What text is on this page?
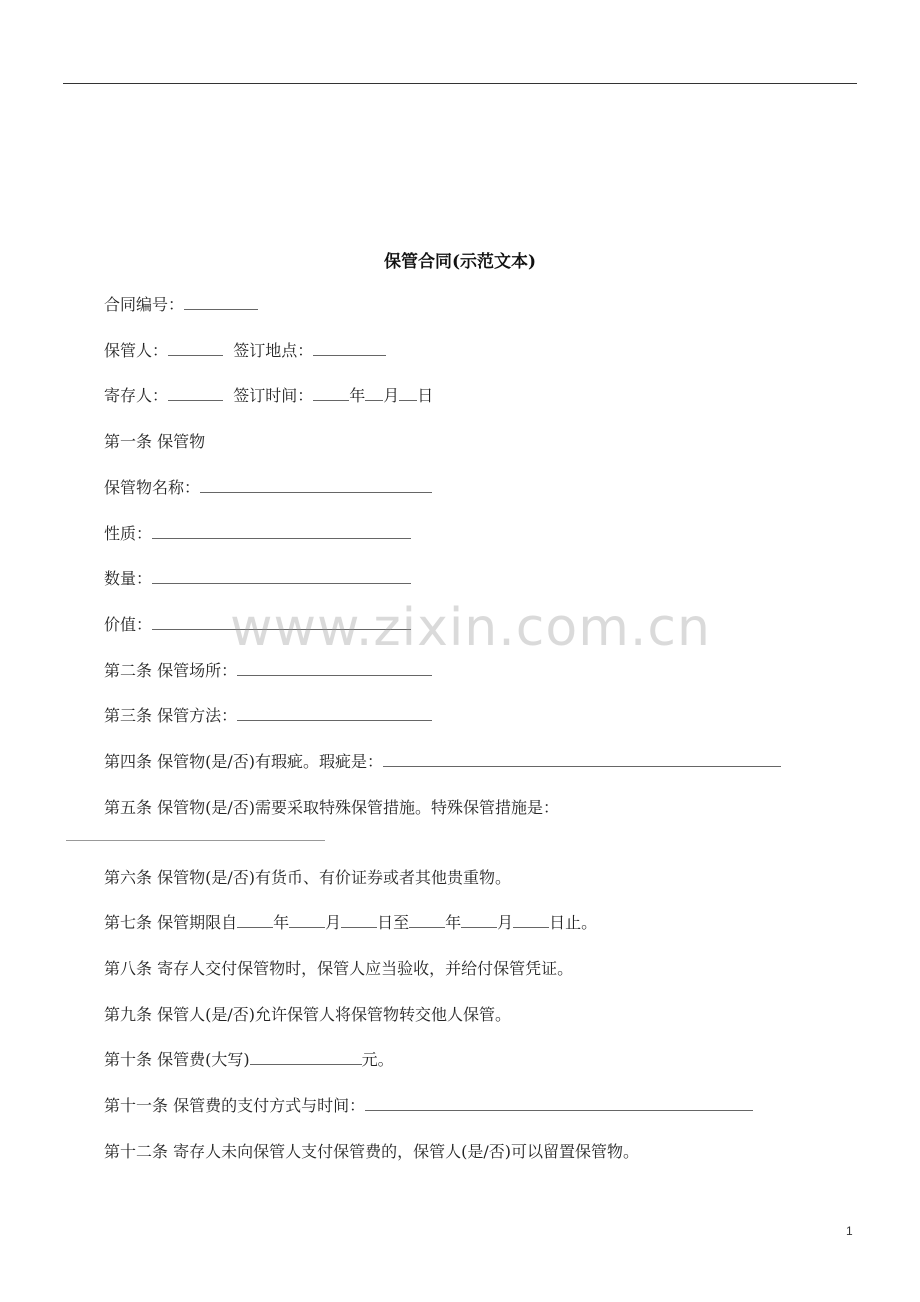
保管合同(示范文本)
合同编号：
保管人：	签订地点：
寄存人：	签订时间： 年 月 日
第一条 保管物
保管物名称：
性质：
数量：
价值：
第二条 保管场所：
第三条 保管方法：
第四条 保管物(是/否)有瑕疵。瑕疵是：
第五条 保管物(是/否)需要采取特殊保管措施。特殊保管措施是：
第六条 保管物(是/否)有货币、有价证券或者其他贵重物。
第七条 保管期限自 年 月 日至 年 月 日止。
第八条 寄存人交付保管物时，保管人应当验收，并给付保管凭证。
第九条 保管人(是/否)允许保管人将保管物转交他人保管。
第十条 保管费(大写)	元。
第十一条 保管费的支付方式与时间：
第十二条 寄存人未向保管人支付保管费的，保管人(是/否)可以留置保管物。
www.zixin.com.cn
1
